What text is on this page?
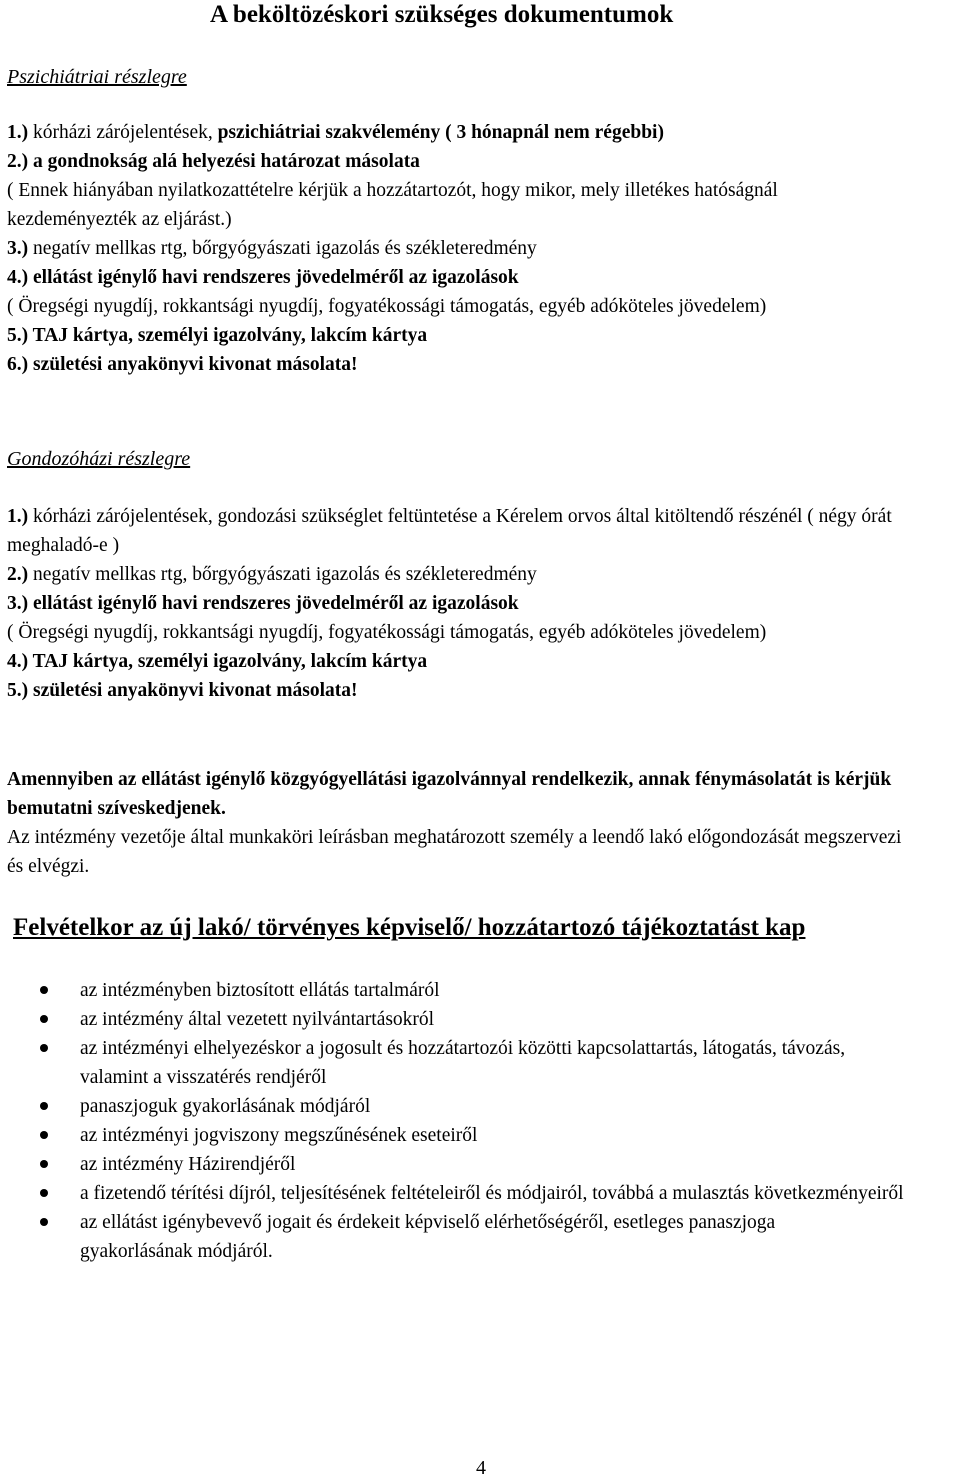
A beköltözéskori szükséges dokumentumok
Pszichiátriai részlegre
1.) kórházi zárójelentések, pszichiátriai szakvélemény ( 3 hónapnál nem régebbi)
2.) a gondnokság alá helyezési határozat másolata
( Ennek hiányában nyilatkozattételre kérjük a hozzátartozót, hogy mikor, mely illetékes hatóságnál kezdeményezték az eljárást.)
3.) negatív mellkas rtg, bőrgyógyászati igazolás és székleteredmény
4.) ellátást igénylő havi rendszeres jövedelméről az igazolások
( Öregségi nyugdíj, rokkantsági nyugdíj, fogyatékossági támogatás, egyéb adóköteles jövedelem)
5.) TAJ kártya, személyi igazolvány, lakcím kártya
6.) születési anyakönyvi kivonat másolata!
Gondozóházi részlegre
1.) kórházi zárójelentések, gondozási szükséglet feltüntetése a Kérelem orvos által kitöltendő részénél ( négy órát meghaladó-e )
2.) negatív mellkas rtg, bőrgyógyászati igazolás és székleteredmény
3.) ellátást igénylő havi rendszeres jövedelméről az igazolások
( Öregségi nyugdíj, rokkantsági nyugdíj, fogyatékossági támogatás, egyéb adóköteles jövedelem)
4.) TAJ kártya, személyi igazolvány, lakcím kártya
5.) születési anyakönyvi kivonat másolata!
Amennyiben az ellátást igénylő közgyógyellátási igazolvánnyal rendelkezik, annak fénymásolatát is kérjük bemutatni szíveskedjenek.
Az intézmény vezetője által munkaköri leírásban meghatározott személy a leendő lakó előgondozását megszervezi és elvégzi.
Felvételkor az új lakó/ törvényes képviselő/ hozzátartozó tájékoztatást kap
az intézményben biztosított ellátás tartalmáról
az intézmény által vezetett nyilvántartásokról
az intézményi elhelyezéskor a jogosult és hozzátartozói közötti kapcsolattartás, látogatás, távozás, valamint a visszatérés rendjéről
panaszjoguk gyakorlásának módjáról
az intézményi jogviszony megszűnésének eseteiről
az intézmény Házirendjéről
a fizetendő térítési díjról, teljesítésének feltételeiről és módjairól, továbbá a mulasztás következményeiről
az ellátást igénybevevő jogait és érdekeit képviselő elérhetőségéről, esetleges panaszjoga gyakorlásának módjáról.
4
